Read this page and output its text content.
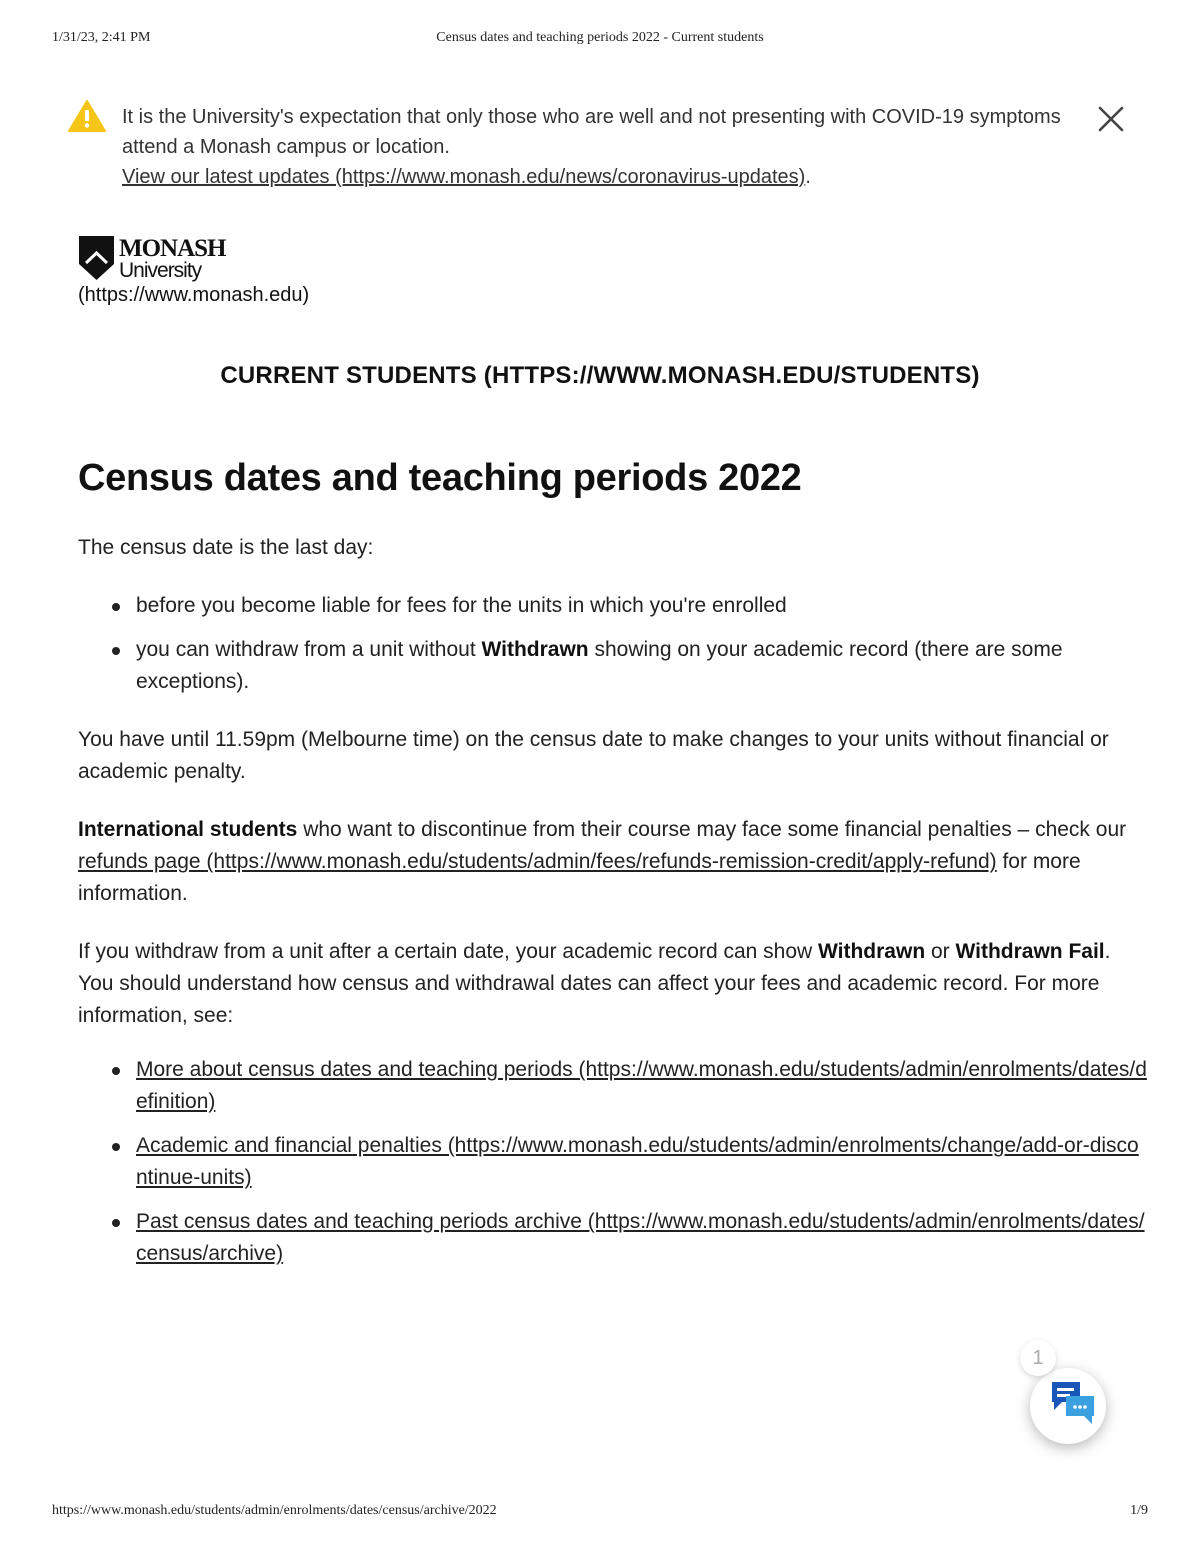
1/31/23, 2:41 PM	Census dates and teaching periods 2022 - Current students
It is the University's expectation that only those who are well and not presenting with COVID-19 symptoms attend a Monash campus or location.
View our latest updates (https://www.monash.edu/news/coronavirus-updates).
MONASH
University
(https://www.monash.edu)
CURRENT STUDENTS (HTTPS://WWW.MONASH.EDU/STUDENTS)
Census dates and teaching periods 2022

The census date is the last day:

before you become liable for fees for the units in which you're enrolled
you can withdraw from a unit without Withdrawn showing on your academic record (there are some exceptions).

You have until 11.59pm (Melbourne time) on the census date to make changes to your units without financial or academic penalty.

International students who want to discontinue from their course may face some financial penalties – check our refunds page (https://www.monash.edu/students/admin/fees/refunds-remission-credit/apply-refund) for more information.

If you withdraw from a unit after a certain date, your academic record can show Withdrawn or Withdrawn Fail. You should understand how census and withdrawal dates can affect your fees and academic record. For more information, see:

More about census dates and teaching periods (https://www.monash.edu/students/admin/enrolments/dates/definition)
Academic and financial penalties (https://www.monash.edu/students/admin/enrolments/change/add-or-discontinue-units)
Past census dates and teaching periods archive (https://www.monash.edu/students/admin/enrolments/dates/census/archive)
1
https://www.monash.edu/students/admin/enrolments/dates/census/archive/2022	1/9
